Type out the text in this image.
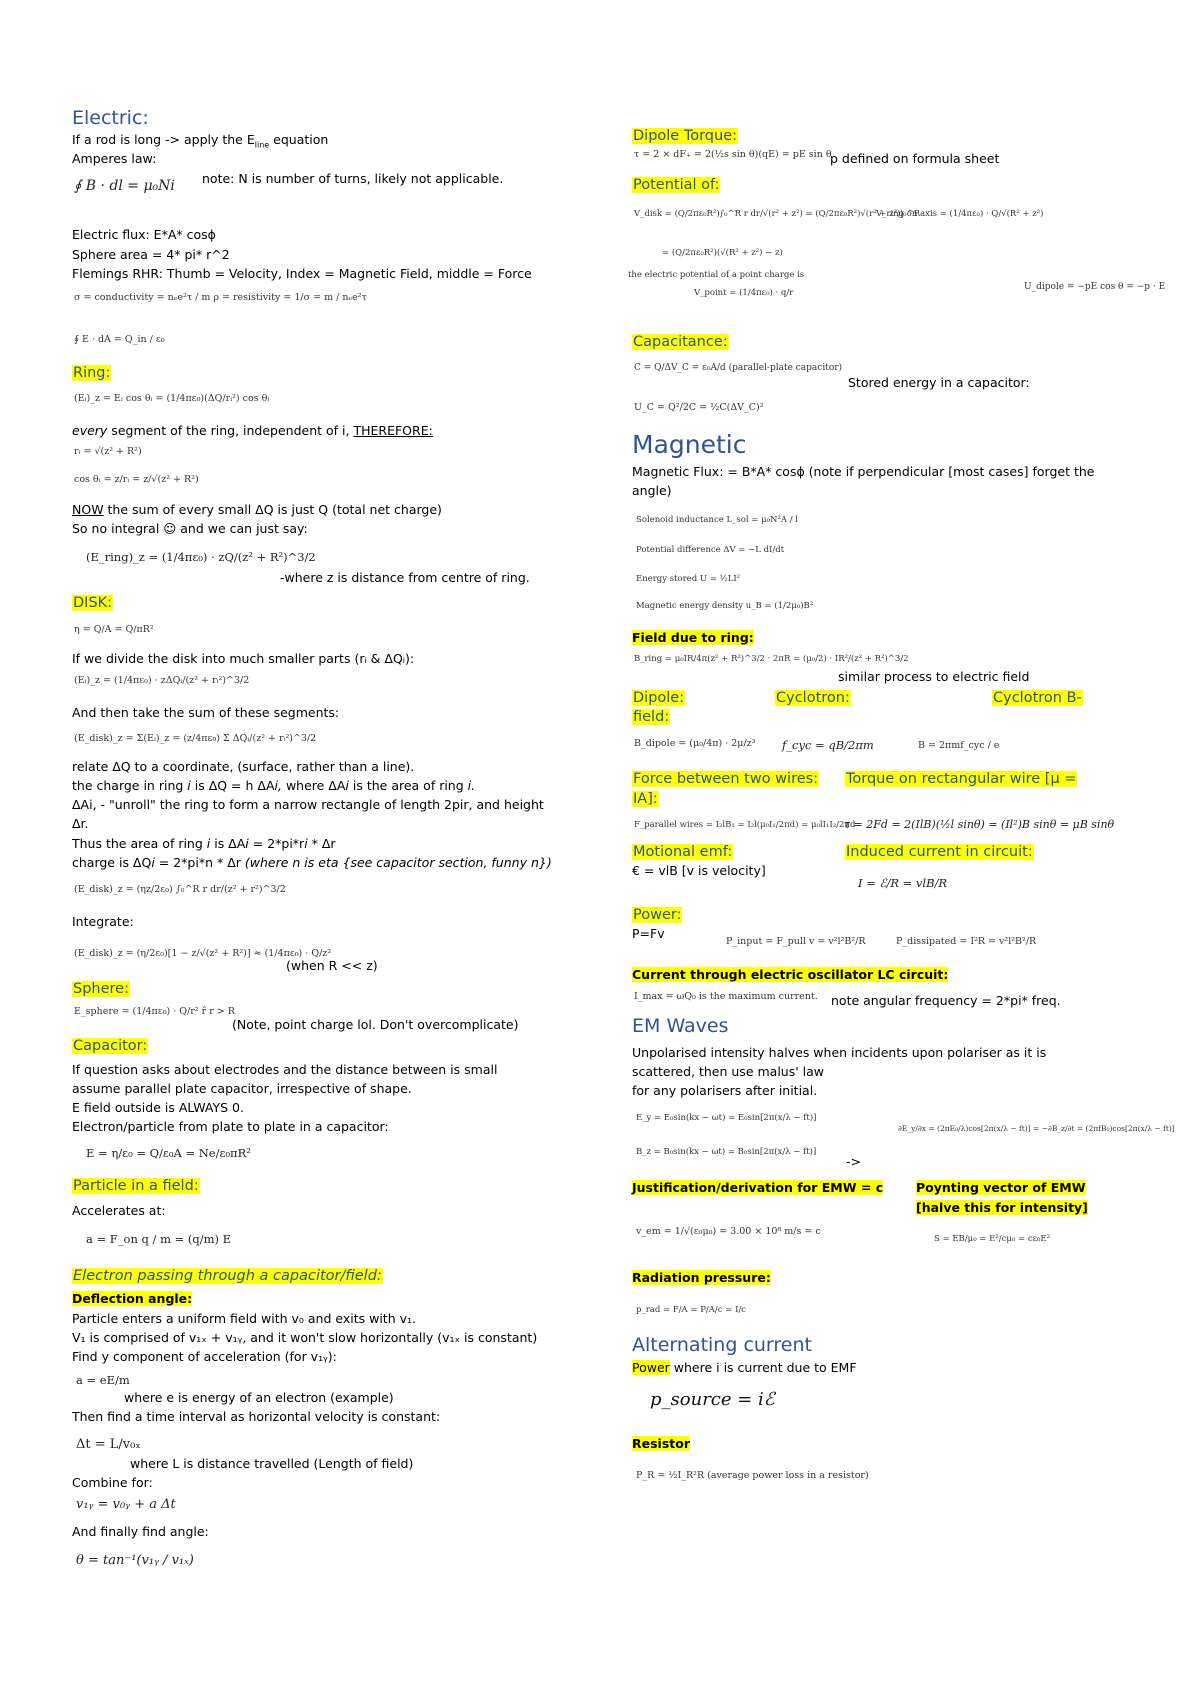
Electric:
If a rod is long -> apply the $E_{line}$ equation
Amperes law:
∮ B · dl = μ₀Ni note: N is number of turns, likely not applicable.
Electric flux: E*A* cosϕ
Sphere area = 4* pi* r^2
Flemings RHR: Thumb = Velocity, Index = Magnetic Field, middle = Force
σ = conductivity = nₑe²τ / m ρ = resistivity = 1/σ = m / nₑe²τ
∮ E · dA = Q_in / ε₀
Ring:
(Eᵢ)_z = Eᵢ cos θᵢ = (1/4πε₀)(ΔQ/rᵢ²) cos θᵢ
every segment of the ring, independent of i, THEREFORE:
rᵢ = √(z² + R²)
cos θᵢ = z/rᵢ = z/√(z² + R²)
NOW the sum of every small ΔQ is just Q (total net charge)
So no integral ☺ and we can just say:
(E_ring)_z = (1/4πε₀) · zQ/(z² + R²)^3/2
-where z is distance from centre of ring.
DISK:
η = Q/A = Q/πR²
If we divide the disk into much smaller parts (rᵢ & ΔQᵢ):
(Eᵢ)_z = (1/4πε₀) · zΔQᵢ/(z² + rᵢ²)^3/2
And then take the sum of these segments:
(E_disk)_z = Σ(Eᵢ)_z = (z/4πε₀) Σ ΔQᵢ/(z² + rᵢ²)^3/2
relate ΔQ to a coordinate, (surface, rather than a line).
the charge in ring i is ΔQ = h ΔAi, where ΔAi is the area of ring i.
ΔAi, - "unroll" the ring to form a narrow rectangle of length 2pir, and height
Δr.
Thus the area of ring i is ΔAi = 2*pi*ri * Δr
charge is ΔQi = 2*pi*n * Δr (where n is eta {see capacitor section, funny n})
(E_disk)_z = (ηz/2ε₀) ∫₀^R r dr/(z² + r²)^3/2
Integrate:
(E_disk)_z = (η/2ε₀)[1 − z/√(z² + R²)] ≈ (1/4πε₀) · Q/z²
(when R << z)
Sphere:
E_sphere = (1/4πε₀) · Q/r² r̂ r > R
(Note, point charge lol. Don't overcomplicate)
Capacitor:
If question asks about electrodes and the distance between is small
assume parallel plate capacitor, irrespective of shape.
E field outside is ALWAYS 0.
Electron/particle from plate to plate in a capacitor:
E = η/ε₀ = Q/ε₀A = Ne/ε₀πR²
Particle in a field:
Accelerates at:
a = F_on q / m = (q/m) E
Electron passing through a capacitor/field:
Deflection angle:
Particle enters a uniform field with v₀ and exits with v₁.
V₁ is comprised of v₁ₓ + v₁ᵧ, and it won't slow horizontally (v₁ₓ is constant)
Find y component of acceleration (for v₁ᵧ):
a = eE/m
where e is energy of an electron (example)
Then find a time interval as horizontal velocity is constant:
Δt = L/v₀ₓ
where L is distance travelled (Length of field)
Combine for:
v₁ᵧ = v₀ᵧ + a Δt
And finally find angle:
θ = tan⁻¹(v₁ᵧ / v₁ₓ)
Dipole Torque:
τ = 2 × dF₊ = 2(½s sin θ)(qE) = pE sin θ
p defined on formula sheet
Potential of:
V_disk = (Q/2πε₀R²)∫₀^R r dr/√(r² + z²) = (Q/2πε₀R²)√(r² + z²)|₀^R
V_ring on axis = (1/4πε₀) · Q/√(R² + z²)
= (Q/2πε₀R²)(√(R² + z²) − z)
the electric potential of a point charge is
V_point = (1/4πε₀) · q/r
U_dipole = −pE cos θ = −p · E
Capacitance:
C = Q/ΔV_C = ε₀A/d (parallel-plate capacitor)
Stored energy in a capacitor:
U_C = Q²/2C = ½C(ΔV_C)²
Magnetic
Magnetic Flux: = B*A* cosϕ (note if perpendicular [most cases] forget the
angle)
Solenoid inductance L_sol = μ₀N²A / l
Potential difference ΔV = −L dI/dt
Energy stored U = ½LI²
Magnetic energy density u_B = (1/2μ₀)B²
Field due to ring:
B_ring = μ₀IR/4π(z² + R²)^3/2 · 2πR = (μ₀/2) · IR²/(z² + R²)^3/2
similar process to electric field
Dipole:
field:
B_dipole = (μ₀/4π) · 2μ/z³
Cyclotron:
f_cyc = qB/2πm
Cyclotron B-
B = 2πmf_cyc / e
Force between two wires:
IA]:
F_parallel wires = I₂lB₁ = I₂l(μ₀I₁/2πd) = μ₀lI₁I₂/2πd
Torque on rectangular wire [μ =
τ = 2Fd = 2(IlB)(½l sinθ) = (Il²)B sinθ = μB sinθ
Motional emf:
€ = vlB [v is velocity]
Induced current in circuit:
I = ℰ/R = vlB/R
Power:
P=Fv
P_input = F_pull v = v²l²B²/R	P_dissipated = I²R = v²l²B²/R
Current through electric oscillator LC circuit:
I_max = ωQ₀ is the maximum current. note angular frequency = 2*pi* freq.
EM Waves
Unpolarised intensity halves when incidents upon polariser as it is
scattered, then use malus' law
for any polarisers after initial.
E_y = E₀sin(kx − ωt) = E₀sin[2π(x/λ − ft)]
B_z = B₀sin(kx − ωt) = B₀sin[2π(x/λ − ft)]
->
∂E_y/∂x = (2πE₀/λ)cos[2π(x/λ − ft)] = −∂B_z/∂t = (2πfB₀)cos[2π(x/λ − ft)]
Justification/derivation for EMW = c
v_em = 1/√(ε₀μ₀) = 3.00 × 10⁸ m/s = c
Poynting vector of EMW
[halve this for intensity]
S = EB/μ₀ = E²/cμ₀ = cε₀E²
Radiation pressure:
p_rad = F/A = P/A/c = I/c
Alternating current
Power where i is current due to EMF
p_source = iℰ
Resistor
P_R = ½I_R²R (average power loss in a resistor)
